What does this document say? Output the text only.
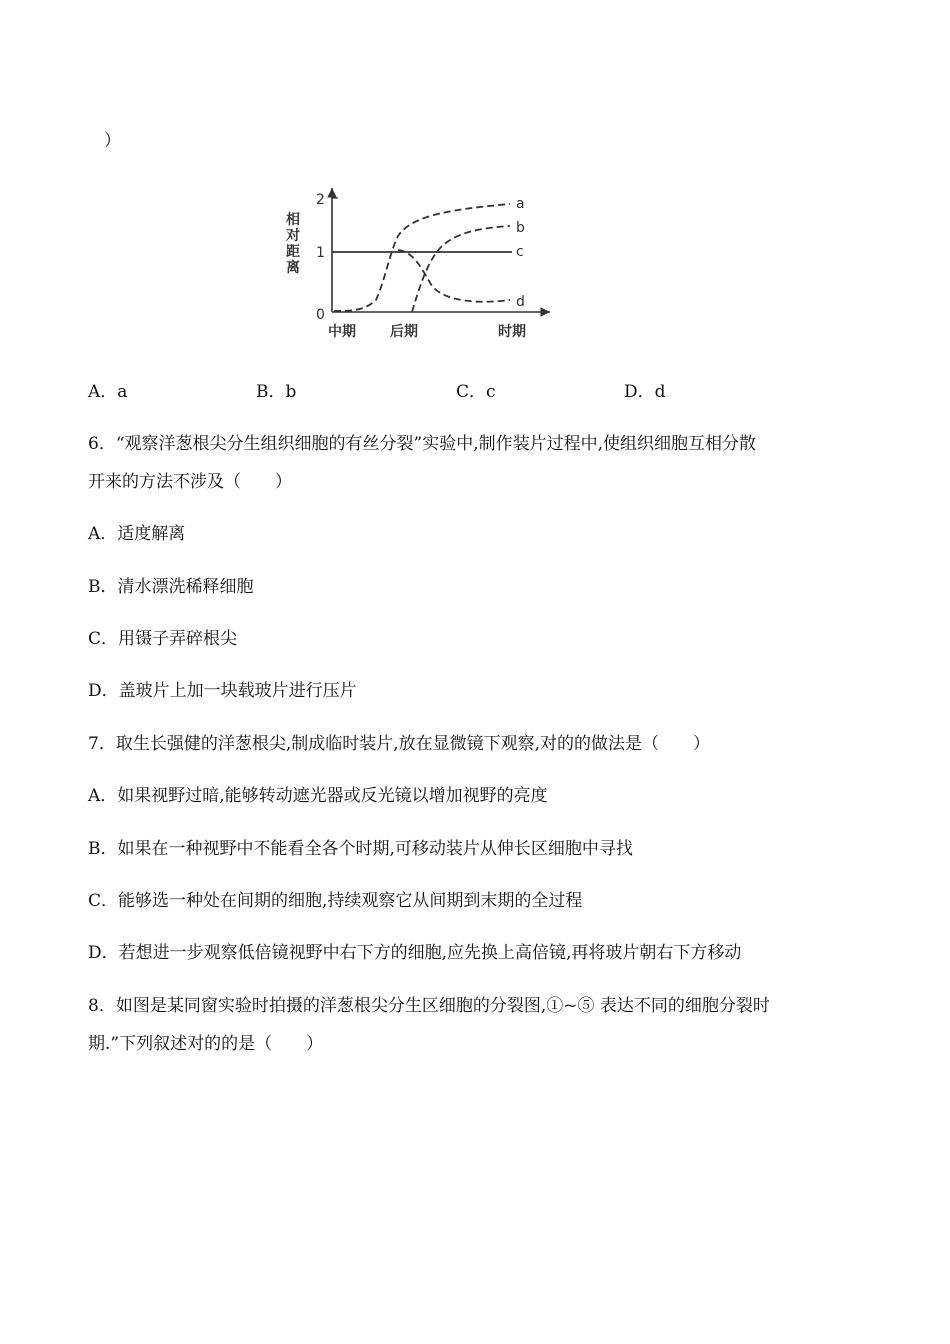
）
相
对
距
离
2
1
0
a
b
c
d
中期 后期	时期
A．a	B．b	C．c	D．d
6．“观察洋葱根尖分生组织细胞的有丝分裂”实验中,制作装片过程中,使组织细胞互相分散
开来的方法不涉及（　　）
A．适度解离
B．清水漂洗稀释细胞
C．用镊子弄碎根尖
D．盖玻片上加一块载玻片进行压片
7．取生长强健的洋葱根尖,制成临时装片,放在显微镜下观察,对的的做法是（　　）
A．如果视野过暗,能够转动遮光器或反光镜以增加视野的亮度
B．如果在一种视野中不能看全各个时期,可移动装片从伸长区细胞中寻找
C．能够选一种处在间期的细胞,持续观察它从间期到末期的全过程
D．若想进一步观察低倍镜视野中右下方的细胞,应先换上高倍镜,再将玻片朝右下方移动
8．如图是某同窗实验时拍摄的洋葱根尖分生区细胞的分裂图,①~⑤ 表达不同的细胞分裂时
期.”下列叙述对的的是（　　）
